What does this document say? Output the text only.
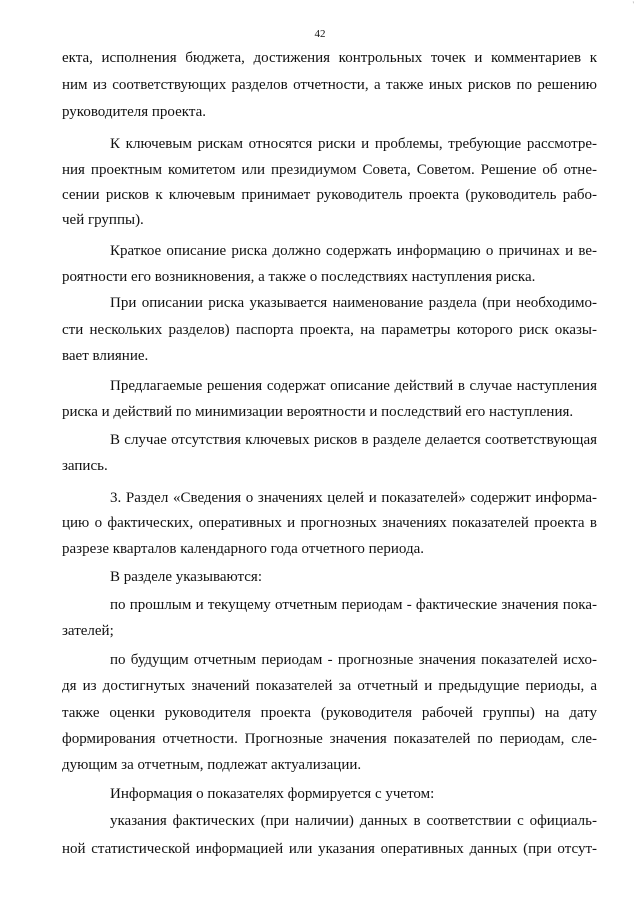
42
'
екта, исполнения бюджета, достижения контрольных точек и комментариев к
ним из соответствующих разделов отчетности, а также иных рисков по решению
руководителя проекта.
К ключевым рискам относятся риски и проблемы, требующие рассмотре-
ния проектным комитетом или президиумом Совета, Советом. Решение об отне-
сении рисков к ключевым принимает руководитель проекта (руководитель рабо-
чей группы).
Краткое описание риска должно содержать информацию о причинах и ве-
роятности его возникновения, а также о последствиях наступления риска.
При описании риска указывается наименование раздела (при необходимо-
сти нескольких разделов) паспорта проекта, на параметры которого риск оказы-
вает влияние.
Предлагаемые решения содержат описание действий в случае наступления
риска и действий по минимизации вероятности и последствий его наступления.
В случае отсутствия ключевых рисков в разделе делается соответствующая
запись.
3. Раздел «Сведения о значениях целей и показателей» содержит информа-
цию о фактических, оперативных и прогнозных значениях показателей проекта в
разрезе кварталов календарного года отчетного периода.
В разделе указываются:
по прошлым и текущему отчетным периодам - фактические значения пока-
зателей;
по будущим отчетным периодам - прогнозные значения показателей исхо-
дя из достигнутых значений показателей за отчетный и предыдущие периоды, а
также оценки руководителя проекта (руководителя рабочей группы) на дату
формирования отчетности. Прогнозные значения показателей по периодам, сле-
дующим за отчетным, подлежат актуализации.
Информация о показателях формируется с учетом:
указания фактических (при наличии) данных в соответствии с официаль-
ной статистической информацией или указания оперативных данных (при отсут-
